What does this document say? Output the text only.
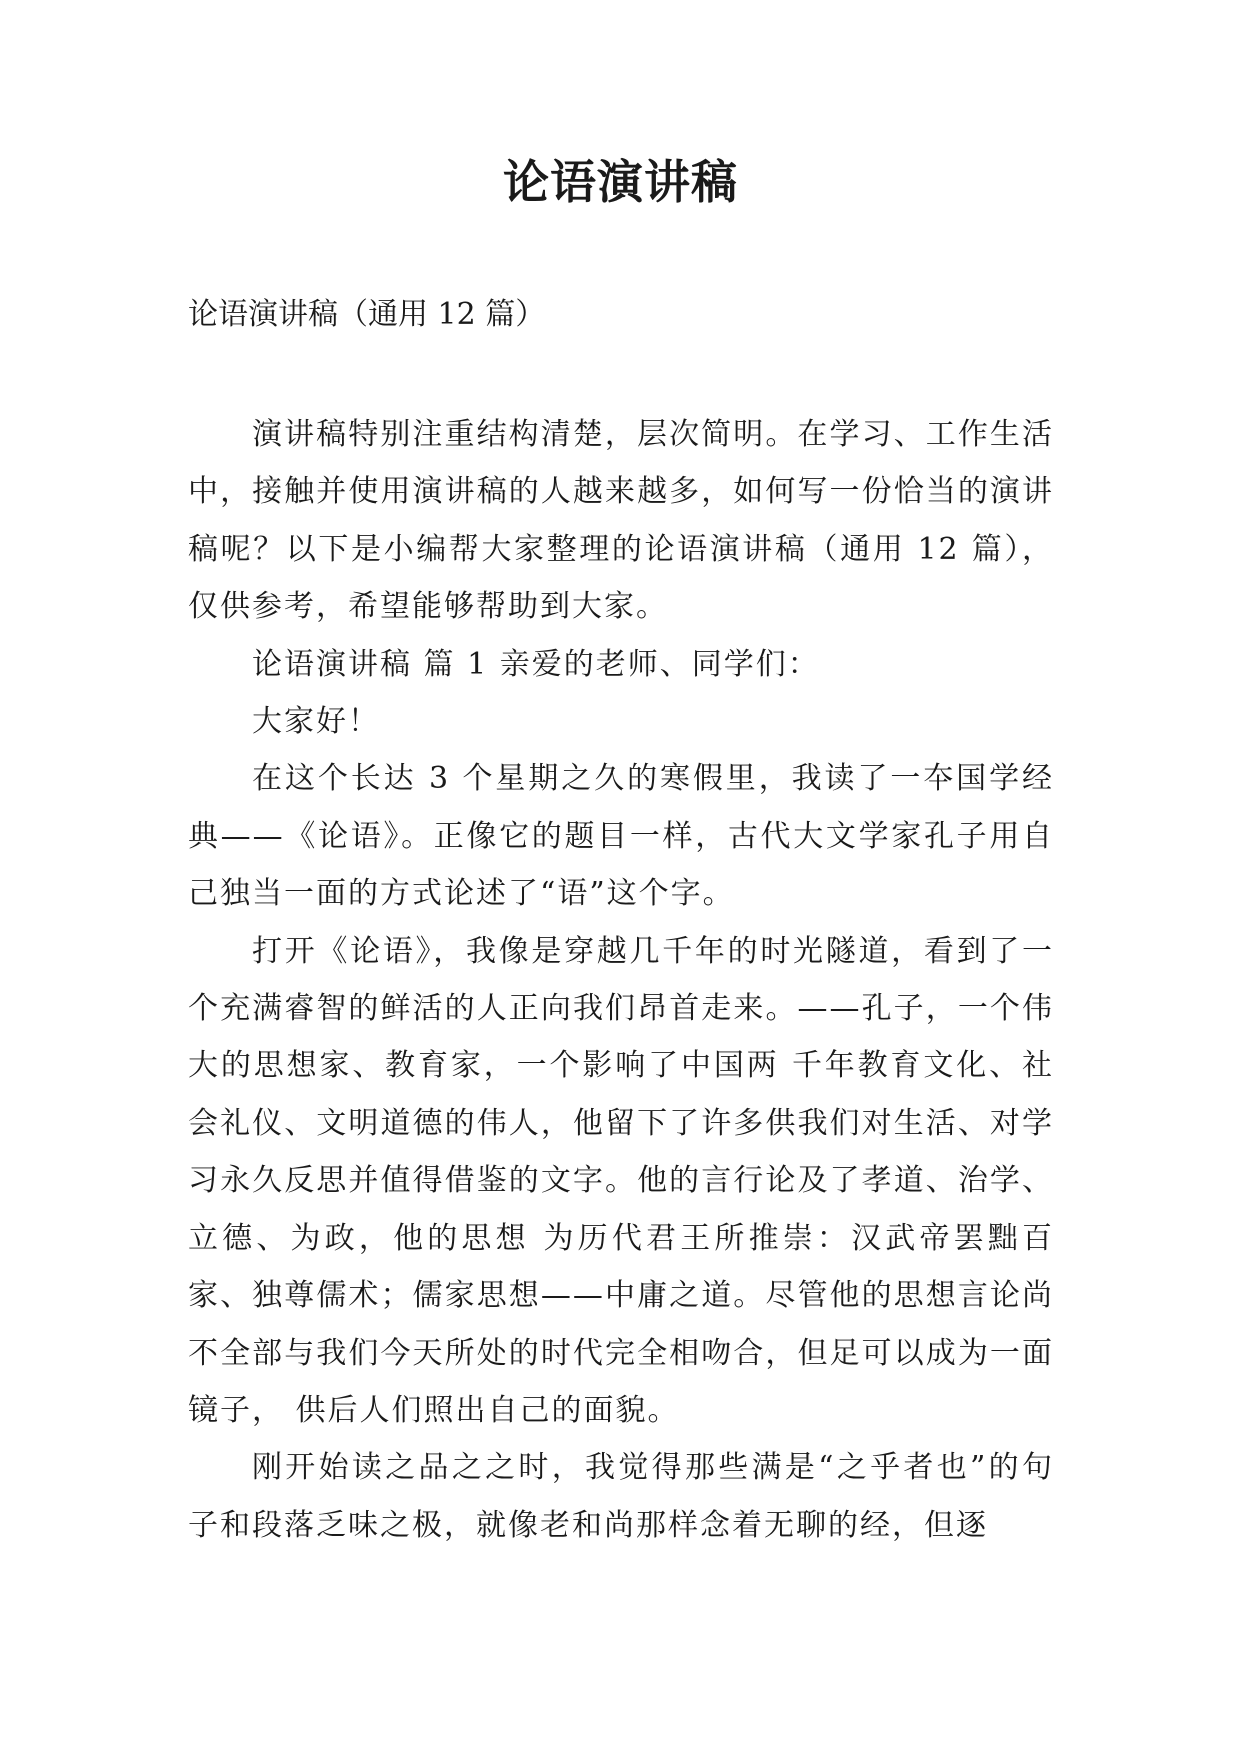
论语演讲稿

论语演讲稿（通用 12 篇）

演讲稿特别注重结构清楚，层次简明。在学习、工作生活中，接触并使用演讲稿的人越来越多，如何写一份恰当的演讲稿呢？以下是小编帮大家整理的论语演讲稿（通用 12 篇），仅供参考，希望能够帮助到大家。

论语演讲稿 篇 1 亲爱的老师、同学们：

大家好！

在这个长达 3 个星期之久的寒假里，我读了一夲国学经典——《论语》。正像它的题目一样，古代大文学家孔子用自己独当一面的方式论述了“语”这个字。

打开《论语》，我像是穿越几千年的时光隧道，看到了一个充满睿智的鲜活的人正向我们昂首走来。——孔子，一个伟大的思想家、教育家，一个影响了中国两 千年教育文化、社会礼仪、文明道德的伟人，他留下了许多供我们对生活、对学习永久反思并值得借鉴的文字。他的言行论及了孝道、治学、立德、为政，他的思想 为历代君王所推崇：汉武帝罢黜百家、独尊儒术；儒家思想——中庸之道。尽管他的思想言论尚不全部与我们今天所处的时代完全相吻合，但足可以成为一面镜子， 供后人们照出自己的面貌。

刚开始读之品之之时，我觉得那些满是“之乎者也”的句子和段落乏味之极，就像老和尚那样念着无聊的经，但逐
